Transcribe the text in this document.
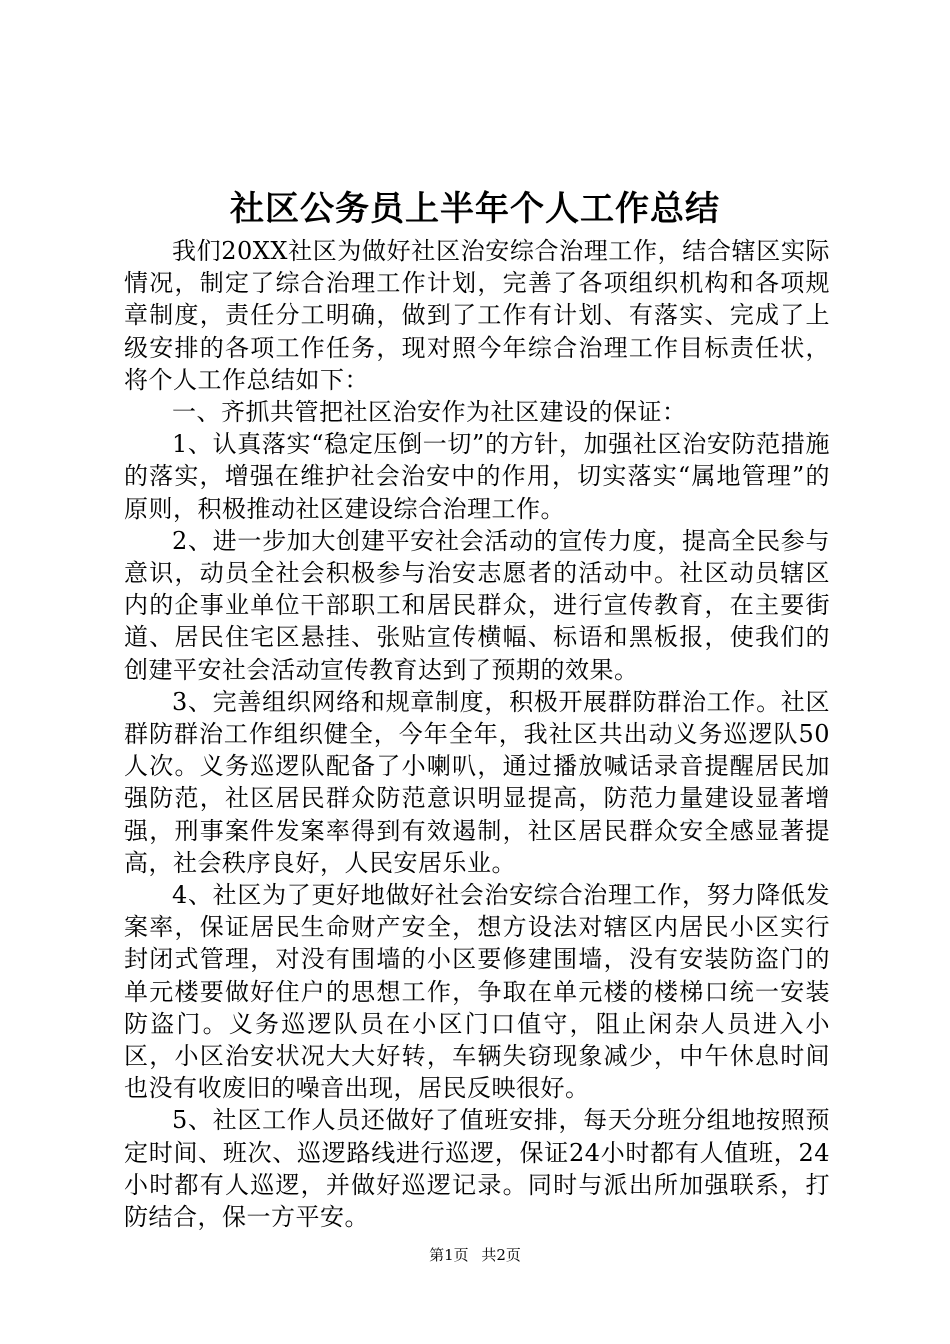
社区公务员上半年个人工作总结

我们20XX社区为做好社区治安综合治理工作，结合辖区实际情况，制定了综合治理工作计划，完善了各项组织机构和各项规章制度，责任分工明确，做到了工作有计划、有落实、完成了上级安排的各项工作任务，现对照今年综合治理工作目标责任状，将个人工作总结如下：

一、齐抓共管把社区治安作为社区建设的保证：

1、认真落实“稳定压倒一切”的方针，加强社区治安防范措施的落实，增强在维护社会治安中的作用，切实落实“属地管理”的原则，积极推动社区建设综合治理工作。

2、进一步加大创建平安社会活动的宣传力度，提高全民参与意识，动员全社会积极参与治安志愿者的活动中。社区动员辖区内的企事业单位干部职工和居民群众，进行宣传教育，在主要街道、居民住宅区悬挂、张贴宣传横幅、标语和黑板报，使我们的创建平安社会活动宣传教育达到了预期的效果。

3、完善组织网络和规章制度，积极开展群防群治工作。社区群防群治工作组织健全，今年全年，我社区共出动义务巡逻队50人次。义务巡逻队配备了小喇叭，通过播放喊话录音提醒居民加强防范，社区居民群众防范意识明显提高，防范力量建设显著增强，刑事案件发案率得到有效遏制，社区居民群众安全感显著提高，社会秩序良好，人民安居乐业。

4、社区为了更好地做好社会治安综合治理工作，努力降低发案率，保证居民生命财产安全，想方设法对辖区内居民小区实行封闭式管理，对没有围墙的小区要修建围墙，没有安装防盗门的单元楼要做好住户的思想工作，争取在单元楼的楼梯口统一安装防盗门。义务巡逻队员在小区门口值守，阻止闲杂人员进入小区，小区治安状况大大好转，车辆失窃现象减少，中午休息时间也没有收废旧的噪音出现，居民反映很好。

5、社区工作人员还做好了值班安排，每天分班分组地按照预定时间、班次、巡逻路线进行巡逻，保证24小时都有人值班，24小时都有人巡逻，并做好巡逻记录。同时与派出所加强联系，打防结合，保一方平安。

第1页 共2页
